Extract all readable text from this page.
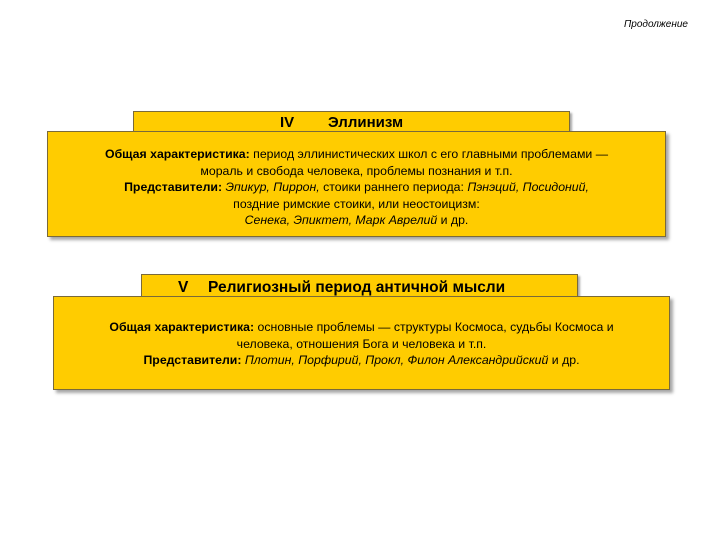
Продолжение
IV Эллинизм

Общая характеристика: период эллинистических школ с его главными проблемами —

мораль и свобода человека, проблемы познания и т.п.

Представители: Эпикур, Пиррон, стоики раннего периода: Пэнэций, Посидоний,

поздние римские стоики, или неостоицизм:

Сенека, Эпиктет, Марк Аврелий и др.

V Религиозный период античной мысли

Общая характеристика: основные проблемы — структуры Космоса, судьбы Космоса и

человека, отношения Бога и человека и т.п.

Представители: Плотин, Порфирий, Прокл, Филон Александрийский и др.
